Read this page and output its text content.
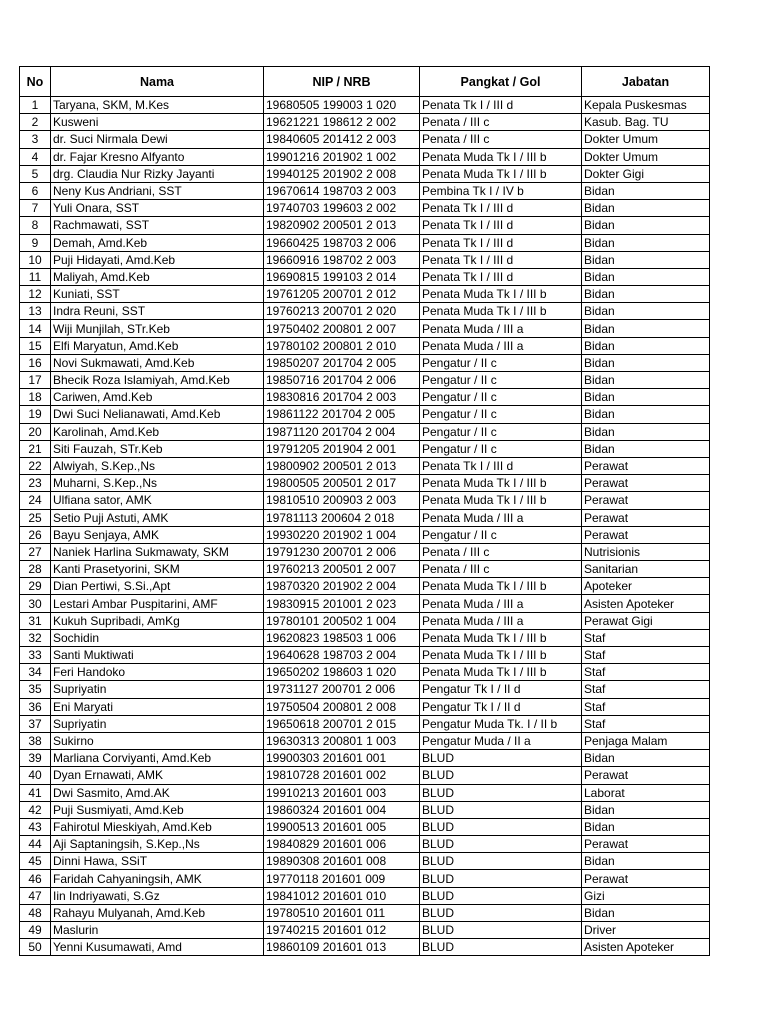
No	Nama	NIP / NRB	Pangkat / Gol	Jabatan
1	Taryana, SKM, M.Kes	19680505 199003 1 020	Penata Tk I / III d	Kepala Puskesmas
2	Kusweni	19621221 198612 2 002	Penata / III c	Kasub. Bag. TU
3	dr. Suci Nirmala Dewi	19840605 201412 2 003	Penata / III c	Dokter Umum
4	dr. Fajar Kresno Alfyanto	19901216 201902 1 002	Penata Muda Tk I / III b	Dokter Umum
5	drg. Claudia Nur Rizky Jayanti	19940125 201902 2 008	Penata Muda Tk I / III b	Dokter Gigi
6	Neny Kus Andriani, SST	19670614 198703 2 003	Pembina Tk I / IV b	Bidan
7	Yuli Onara, SST	19740703 199603 2 002	Penata Tk I / III d	Bidan
8	Rachmawati, SST	19820902 200501 2 013	Penata Tk I / III d	Bidan
9	Demah, Amd.Keb	19660425 198703 2 006	Penata Tk I / III d	Bidan
10	Puji Hidayati, Amd.Keb	19660916 198702 2 003	Penata Tk I / III d	Bidan
11	Maliyah, Amd.Keb	19690815 199103 2 014	Penata Tk I / III d	Bidan
12	Kuniati, SST	19761205 200701 2 012	Penata Muda Tk I / III b	Bidan
13	Indra Reuni, SST	19760213 200701 2 020	Penata Muda Tk I / III b	Bidan
14	Wiji Munjilah, STr.Keb	19750402 200801 2 007	Penata Muda / III a	Bidan
15	Elfi Maryatun, Amd.Keb	19780102 200801 2 010	Penata Muda / III a	Bidan
16	Novi Sukmawati, Amd.Keb	19850207 201704 2 005	Pengatur / II c	Bidan
17	Bhecik Roza Islamiyah, Amd.Keb	19850716 201704 2 006	Pengatur / II c	Bidan
18	Cariwen, Amd.Keb	19830816 201704 2 003	Pengatur / II c	Bidan
19	Dwi Suci Nelianawati, Amd.Keb	19861122 201704 2 005	Pengatur / II c	Bidan
20	Karolinah, Amd.Keb	19871120 201704 2 004	Pengatur / II c	Bidan
21	Siti Fauzah, STr.Keb	19791205 201904 2 001	Pengatur / II c	Bidan
22	Alwiyah, S.Kep.,Ns	19800902 200501 2 013	Penata Tk I / III d	Perawat
23	Muharni, S.Kep.,Ns	19800505 200501 2 017	Penata Muda Tk I / III b	Perawat
24	Ulfiana sator, AMK	19810510 200903 2 003	Penata Muda Tk I / III b	Perawat
25	Setio Puji Astuti, AMK	19781113 200604 2 018	Penata Muda / III a	Perawat
26	Bayu Senjaya, AMK	19930220 201902 1 004	Pengatur / II c	Perawat
27	Naniek Harlina Sukmawaty, SKM	19791230 200701 2 006	Penata / III c	Nutrisionis
28	Kanti Prasetyorini, SKM	19760213 200501 2 007	Penata / III c	Sanitarian
29	Dian Pertiwi, S.Si.,Apt	19870320 201902 2 004	Penata Muda Tk I / III b	Apoteker
30	Lestari Ambar Puspitarini, AMF	19830915 201001 2 023	Penata Muda / III a	Asisten Apoteker
31	Kukuh Supribadi, AmKg	19780101 200502 1 004	Penata Muda / III a	Perawat Gigi
32	Sochidin	19620823 198503 1 006	Penata Muda Tk I / III b	Staf
33	Santi Muktiwati	19640628 198703 2 004	Penata Muda Tk I / III b	Staf
34	Feri Handoko	19650202 198603 1 020	Penata Muda Tk I / III b	Staf
35	Supriyatin	19731127 200701 2 006	Pengatur Tk I / II d	Staf
36	Eni Maryati	19750504 200801 2 008	Pengatur Tk I / II d	Staf
37	Supriyatin	19650618 200701 2 015	Pengatur Muda Tk. I / II b	Staf
38	Sukirno	19630313 200801 1 003	Pengatur Muda / II a	Penjaga Malam
39	Marliana Corviyanti, Amd.Keb	19900303 201601 001	BLUD	Bidan
40	Dyan Ernawati, AMK	19810728 201601 002	BLUD	Perawat
41	Dwi Sasmito, Amd.AK	19910213 201601 003	BLUD	Laborat
42	Puji Susmiyati, Amd.Keb	19860324 201601 004	BLUD	Bidan
43	Fahirotul Mieskiyah, Amd.Keb	19900513 201601 005	BLUD	Bidan
44	Aji Saptaningsih, S.Kep.,Ns	19840829 201601 006	BLUD	Perawat
45	Dinni Hawa, SSiT	19890308 201601 008	BLUD	Bidan
46	Faridah Cahyaningsih, AMK	19770118 201601 009	BLUD	Perawat
47	Iin Indriyawati, S.Gz	19841012 201601 010	BLUD	Gizi
48	Rahayu Mulyanah, Amd.Keb	19780510 201601 011	BLUD	Bidan
49	Maslurin	19740215 201601 012	BLUD	Driver
50	Yenni Kusumawati, Amd	19860109 201601 013	BLUD	Asisten Apoteker
